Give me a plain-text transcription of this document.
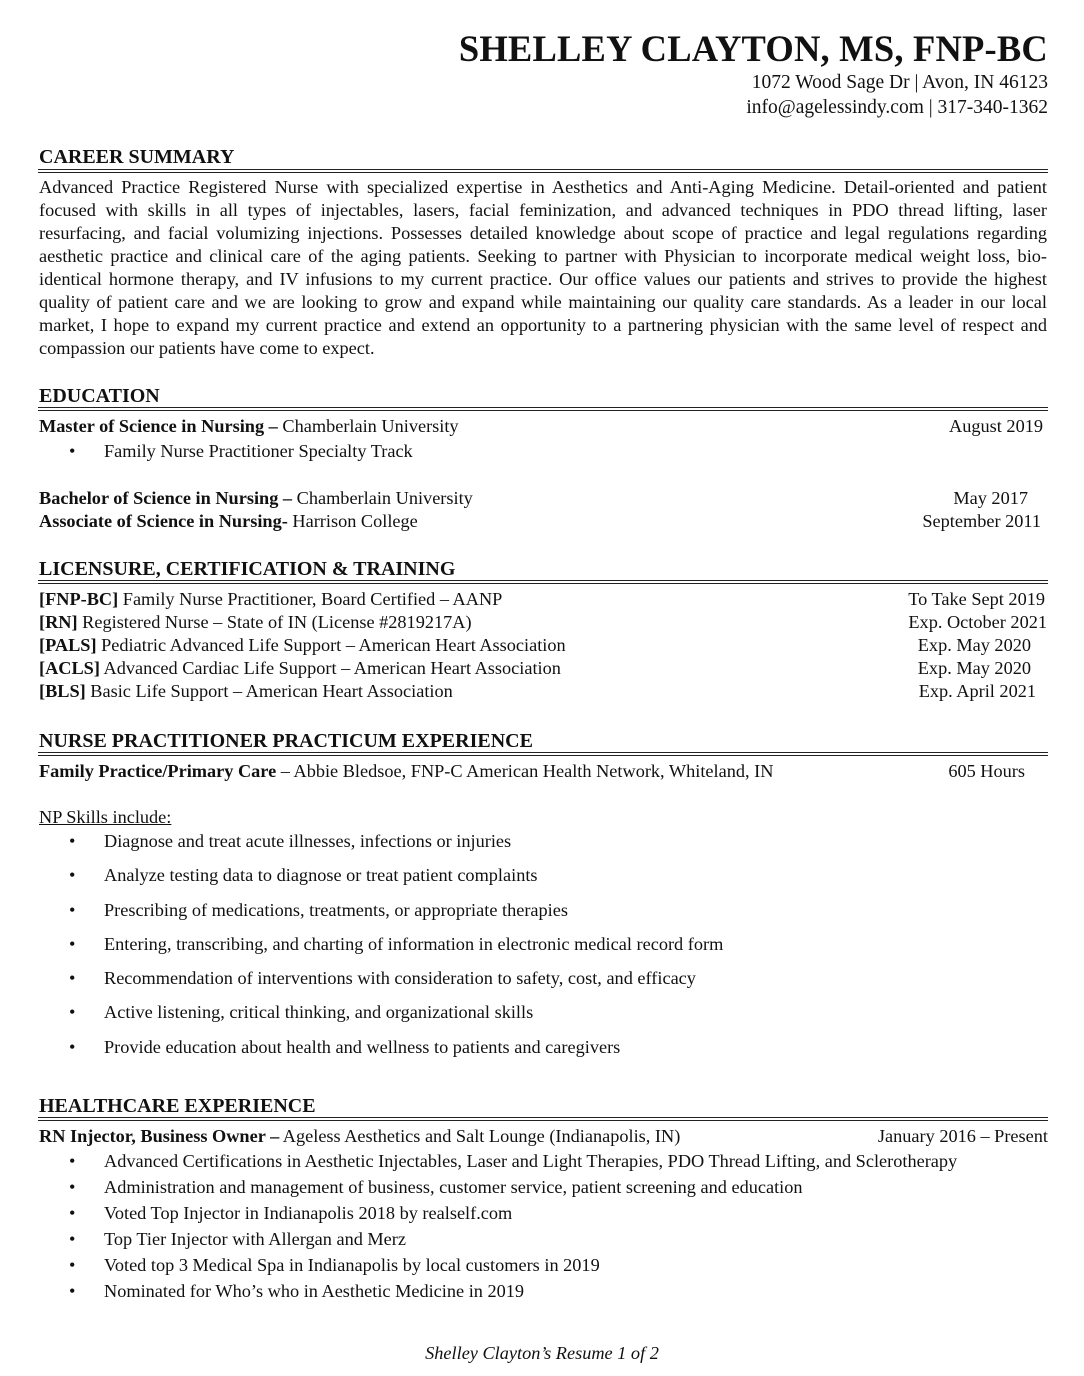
SHELLEY CLAYTON, MS, FNP-BC
1072 Wood Sage Dr | Avon, IN 46123
info@agelessindy.com | 317-340-1362
CAREER SUMMARY
Advanced Practice Registered Nurse with specialized expertise in Aesthetics and Anti-Aging Medicine. Detail-oriented and patient focused with skills in all types of injectables, lasers, facial feminization, and advanced techniques in PDO thread lifting, laser resurfacing, and facial volumizing injections. Possesses detailed knowledge about scope of practice and legal regulations regarding aesthetic practice and clinical care of the aging patients. Seeking to partner with Physician to incorporate medical weight loss, bio-identical hormone therapy, and IV infusions to my current practice. Our office values our patients and strives to provide the highest quality of patient care and we are looking to grow and expand while maintaining our quality care standards. As a leader in our local market, I hope to expand my current practice and extend an opportunity to a partnering physician with the same level of respect and compassion our patients have come to expect.
EDUCATION
Master of Science in Nursing – Chamberlain University	August 2019
• Family Nurse Practitioner Specialty Track
Bachelor of Science in Nursing – Chamberlain University	May 2017
Associate of Science in Nursing- Harrison College	September 2011
LICENSURE, CERTIFICATION & TRAINING
[FNP-BC] Family Nurse Practitioner, Board Certified – AANP	To Take Sept 2019
[RN] Registered Nurse – State of IN (License #2819217A)	Exp. October 2021
[PALS] Pediatric Advanced Life Support – American Heart Association	Exp. May 2020
[ACLS] Advanced Cardiac Life Support – American Heart Association	Exp. May 2020
[BLS] Basic Life Support – American Heart Association	Exp. April 2021
NURSE PRACTITIONER PRACTICUM EXPERIENCE
Family Practice/Primary Care – Abbie Bledsoe, FNP-C American Health Network, Whiteland, IN	605 Hours
NP Skills include:
• Diagnose and treat acute illnesses, infections or injuries
• Analyze testing data to diagnose or treat patient complaints
• Prescribing of medications, treatments, or appropriate therapies
• Entering, transcribing, and charting of information in electronic medical record form
• Recommendation of interventions with consideration to safety, cost, and efficacy
• Active listening, critical thinking, and organizational skills
• Provide education about health and wellness to patients and caregivers
HEALTHCARE EXPERIENCE
RN Injector, Business Owner – Ageless Aesthetics and Salt Lounge (Indianapolis, IN)	January 2016 – Present
• Advanced Certifications in Aesthetic Injectables, Laser and Light Therapies, PDO Thread Lifting, and Sclerotherapy
• Administration and management of business, customer service, patient screening and education
• Voted Top Injector in Indianapolis 2018 by realself.com
• Top Tier Injector with Allergan and Merz
• Voted top 3 Medical Spa in Indianapolis by local customers in 2019
• Nominated for Who’s who in Aesthetic Medicine in 2019
Shelley Clayton’s Resume 1 of 2
